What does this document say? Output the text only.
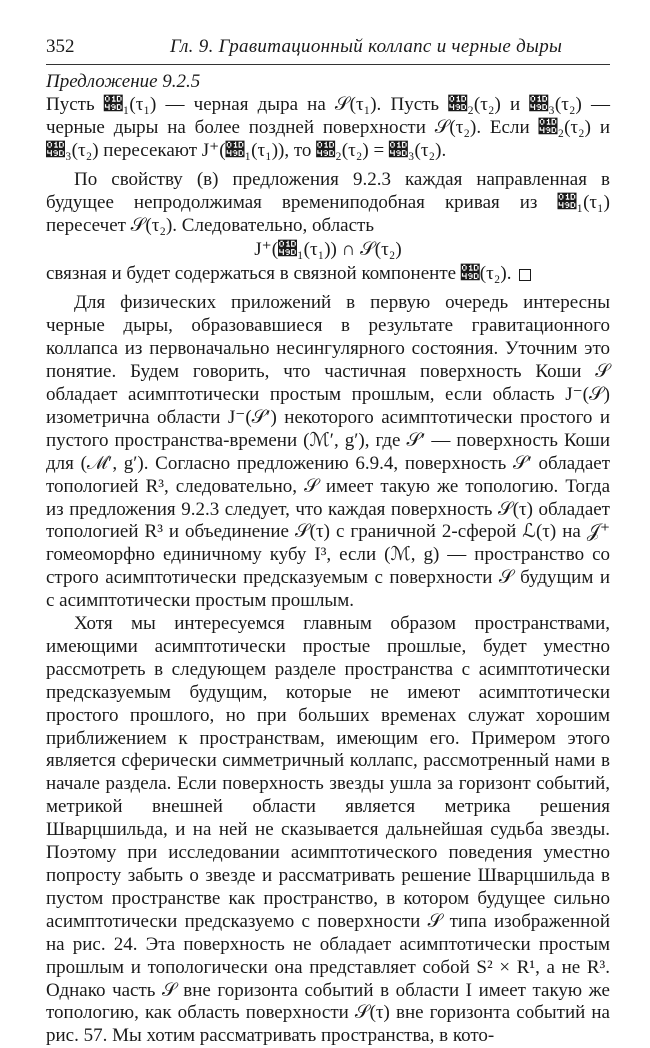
352	Гл. 9. Гравитационный коллапс и черные дыры

Предложение 9.2.5

Пусть 𝒝₁(τ₁) — черная дыра на 𝒮(τ₁). Пусть 𝒝₂(τ₂) и 𝒝₃(τ₂) — черные дыры на более поздней поверхности 𝒮(τ₂). Если 𝒝₂(τ₂) и 𝒝₃(τ₂) пересекают J⁺(𝒝₁(τ₁)), то 𝒝₂(τ₂) = 𝒝₃(τ₂).

По свойству (в) предложения 9.2.3 каждая направленная в будущее непродолжимая времениподобная кривая из 𝒝₁(τ₁) пересечет 𝒮(τ₂). Следовательно, область

J⁺(𝒝₁(τ₁)) ∩ 𝒮(τ₂)

связная и будет содержаться в связной компоненте 𝒝(τ₂).

Для физических приложений в первую очередь интересны черные дыры, образовавшиеся в результате гравитационного коллапса из первоначально несингулярного состояния. Уточним это понятие. Будем говорить, что частичная поверхность Коши 𝒮 обладает асимптотически простым прошлым, если область J⁻(𝒮) изометрична области J⁻(𝒮′) некоторого асимптотически простого и пустого пространства-времени (ℳ′, g′), где 𝒮′ — поверхность Коши для (ℳ′, g′). Согласно предложению 6.9.4, поверхность 𝒮′ обладает топологией R³, следовательно, 𝒮 имеет такую же топологию. Тогда из предложения 9.2.3 следует, что каждая поверхность 𝒮(τ) обладает топологией R³ и объединение 𝒮(τ) с граничной 2-сферой ℒ(τ) на 𝒥⁺ гомеоморфно единичному кубу I³, если (ℳ, g) — пространство со строго асимптотически предсказуемым с поверхности 𝒮 будущим и с асимптотически простым прошлым.

Хотя мы интересуемся главным образом пространствами, имеющими асимптотически простые прошлые, будет уместно рассмотреть в следующем разделе пространства с асимптотически предсказуемым будущим, которые не имеют асимптотически простого прошлого, но при больших временах служат хорошим приближением к пространствам, имеющим его. Примером этого является сферически симметричный коллапс, рассмотренный нами в начале раздела. Если поверхность звезды ушла за горизонт событий, метрикой внешней области является метрика решения Шварцшильда, и на ней не сказывается дальнейшая судьба звезды. Поэтому при исследовании асимптотического поведения уместно попросту забыть о звезде и рассматривать решение Шварцшильда в пустом пространстве как пространство, в котором будущее сильно асимптотически предсказуемо с поверхности 𝒮 типа изображенной на рис. 24. Эта поверхность не обладает асимптотически простым прошлым и топологически она представляет собой S² × R¹, а не R³. Однако часть 𝒮 вне горизонта событий в области I имеет такую же топологию, как область поверхности 𝒮(τ) вне горизонта событий на рис. 57. Мы хотим рассматривать пространства, в кото-
